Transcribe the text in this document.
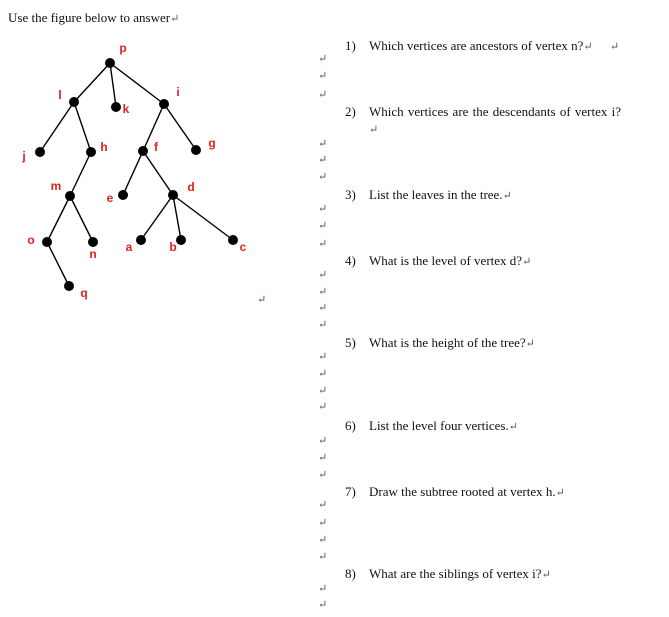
Use the figure below to answer↵
p
l
k
i
j
h	f	g
m
e
d
o
n a	b	c
q
1) Which vertices are ancestors of vertex n?↵ ↵
2) Which vertices are the descendants of vertex i?↵
3) List the leaves in the tree.↵
4) What is the level of vertex d?↵
5) What is the height of the tree?↵
6) List the level four vertices.↵
7) Draw the subtree rooted at vertex h.↵
8) What are the siblings of vertex i?↵
↵
↵
↵
↵
↵
↵
↵
↵
↵
↵
↵
↵
↵
↵
↵
↵
↵
↵
↵
↵
↵
↵
↵
↵
↵
↵
↵
